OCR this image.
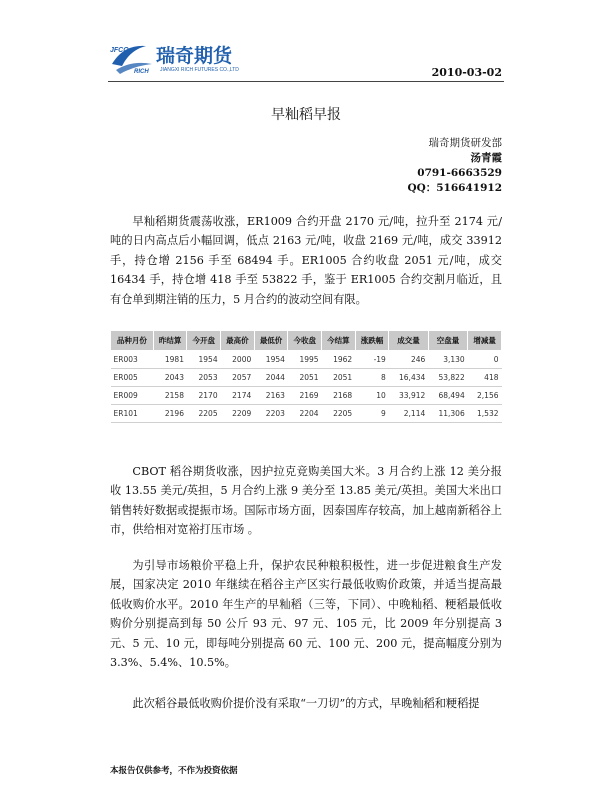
JFCO
RICH
瑞奇期货
JIANGXI RICH FUTURES CO.,LTD	2010-03-02
早籼稻早报
瑞奇期货研发部
汤青霞
0791-6663529
QQ：516641912

早籼稻期货震荡收涨，ER1009 合约开盘 2170 元/吨，拉升至 2174 元/吨的日内高点后小幅回调，低点 2163 元/吨，收盘 2169 元/吨，成交 33912 手，持仓增 2156 手至 68494 手。ER1005 合约收盘 2051 元/吨，成交 16434 手，持仓增 418 手至 53822 手，鉴于 ER1005 合约交割月临近，且有仓单到期注销的压力，5 月合约的波动空间有限。

品种月份	昨结算	今开盘	最高价	最低价	今收盘	今结算	涨跌幅	成交量	空盘量	增减量
ER003	1981	1954	2000	1954	1995	1962	-19	246	3,130	0
ER005	2043	2053	2057	2044	2051	2051	8	16,434	53,822	418
ER009	2158	2170	2174	2163	2169	2168	10	33,912	68,494	2,156
ER101	2196	2205	2209	2203	2204	2205	9	2,114	11,306	1,532

CBOT 稻谷期货收涨，因护拉克竞购美国大米。3 月合约上涨 12 美分报收 13.55 美元/英担，5 月合约上涨 9 美分至 13.85 美元/英担。美国大米出口销售转好数据或提振市场。国际市场方面，因泰国库存较高，加上越南新稻谷上市，供给相对宽裕打压市场 。

为引导市场粮价平稳上升，保护农民种粮积极性，进一步促进粮食生产发展，国家决定 2010 年继续在稻谷主产区实行最低收购价政策，并适当提高最低收购价水平。2010 年生产的早籼稻（三等，下同）、中晚籼稻、粳稻最低收购价分别提高到每 50 公斤 93 元、97 元、105 元，比 2009 年分别提高 3 元、5 元、10 元，即每吨分别提高 60 元、100 元、200 元，提高幅度分别为 3.3%、5.4%、10.5%。

此次稻谷最低收购价提价没有采取“一刀切”的方式，早晚籼稻和粳稻提

本报告仅供参考，不作为投资依据
